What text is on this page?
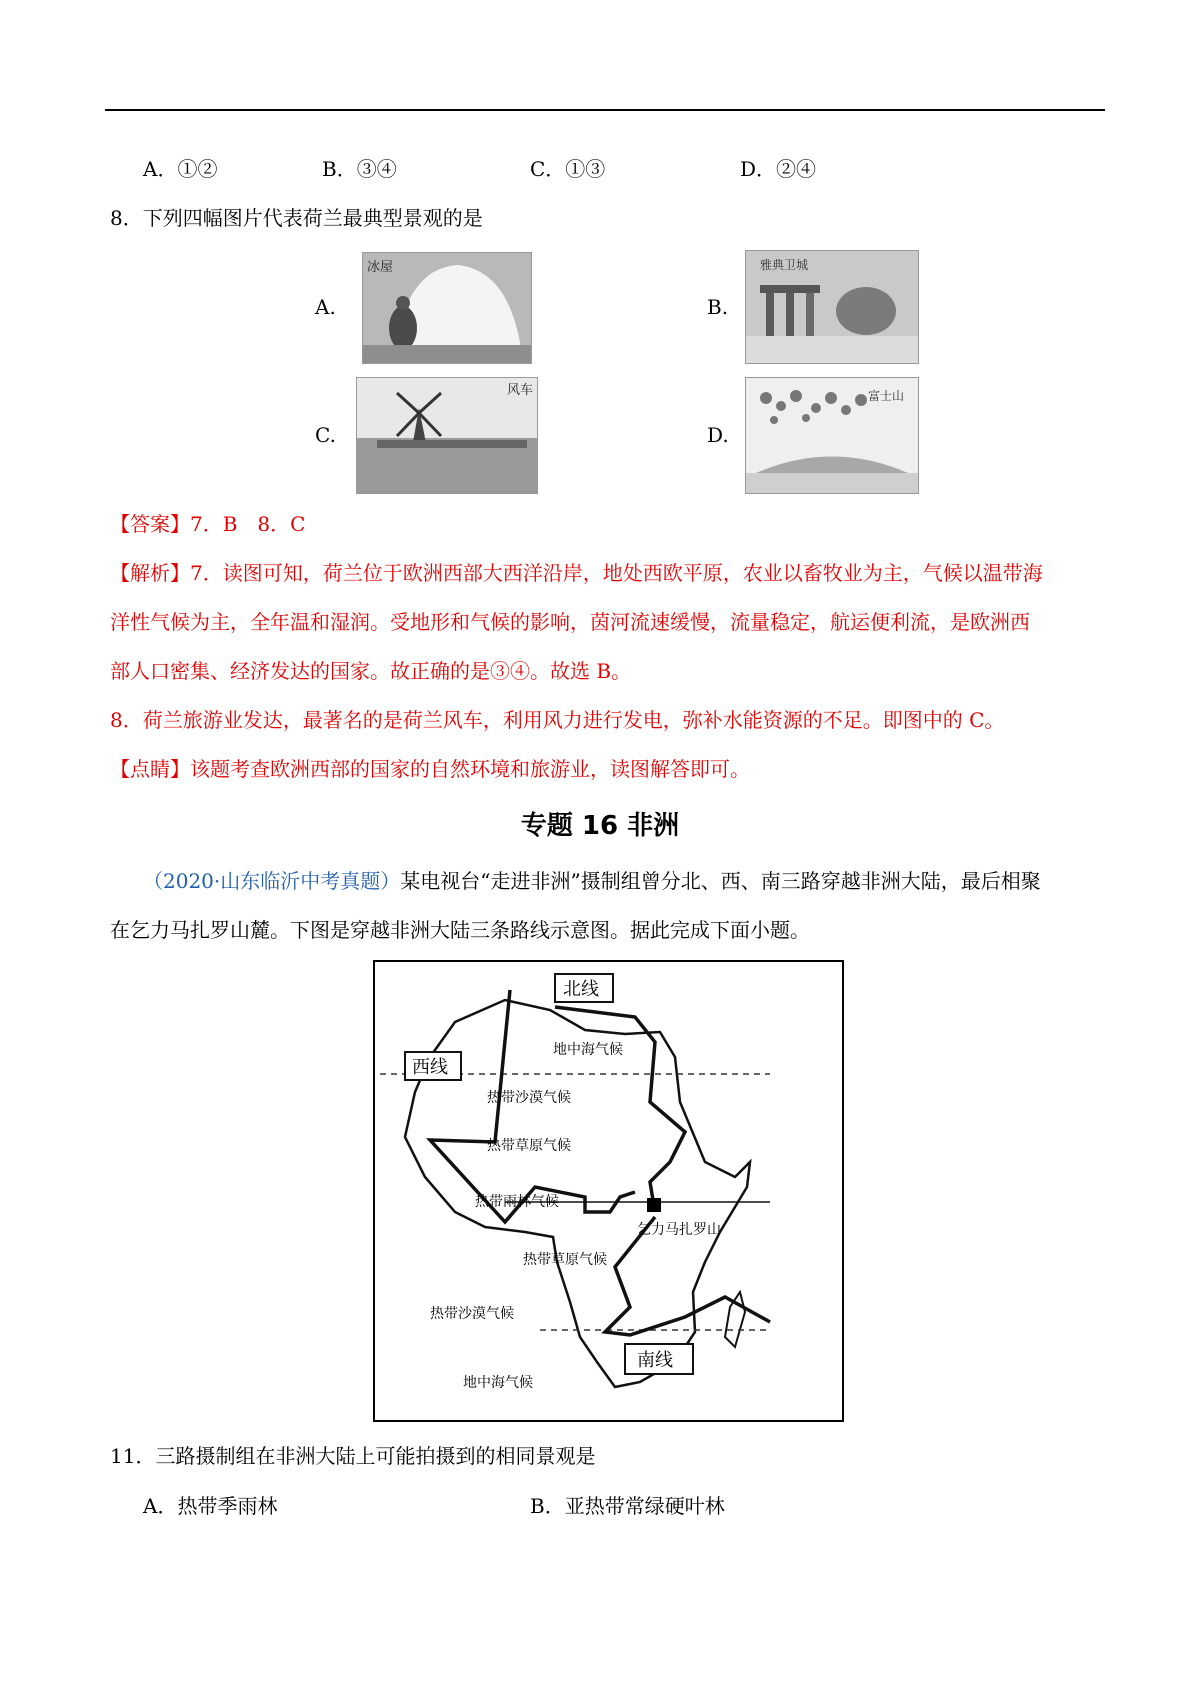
A．①②	B．③④	C．①③	D．②④
8．下列四幅图片代表荷兰最典型景观的是
A.
冰屋
B.
雅典卫城
C.
风车
D.
富士山
【答案】7．B　8．C
【解析】7．读图可知，荷兰位于欧洲西部大西洋沿岸，地处西欧平原，农业以畜牧业为主，气候以温带海
洋性气候为主，全年温和湿润。受地形和气候的影响，茵河流速缓慢，流量稳定，航运便利流，是欧洲西
部人口密集、经济发达的国家。故正确的是③④。故选 B。
8．荷兰旅游业发达，最著名的是荷兰风车，利用风力进行发电，弥补水能资源的不足。即图中的 C。
【点睛】该题考查欧洲西部的国家的自然环境和旅游业，读图解答即可。
专题 16 非洲
（2020·山东临沂中考真题）某电视台“走进非洲”摄制组曾分北、西、南三路穿越非洲大陆，最后相聚
在乞力马扎罗山麓。下图是穿越非洲大陆三条路线示意图。据此完成下面小题。
北线
西线
南线
地中海气候
热带沙漠气候
热带草原气候
热带雨林气候
乞力马扎罗山
热带草原气候
热带沙漠气候
地中海气候
11．三路摄制组在非洲大陆上可能拍摄到的相同景观是
A．热带季雨林	B．亚热带常绿硬叶林
